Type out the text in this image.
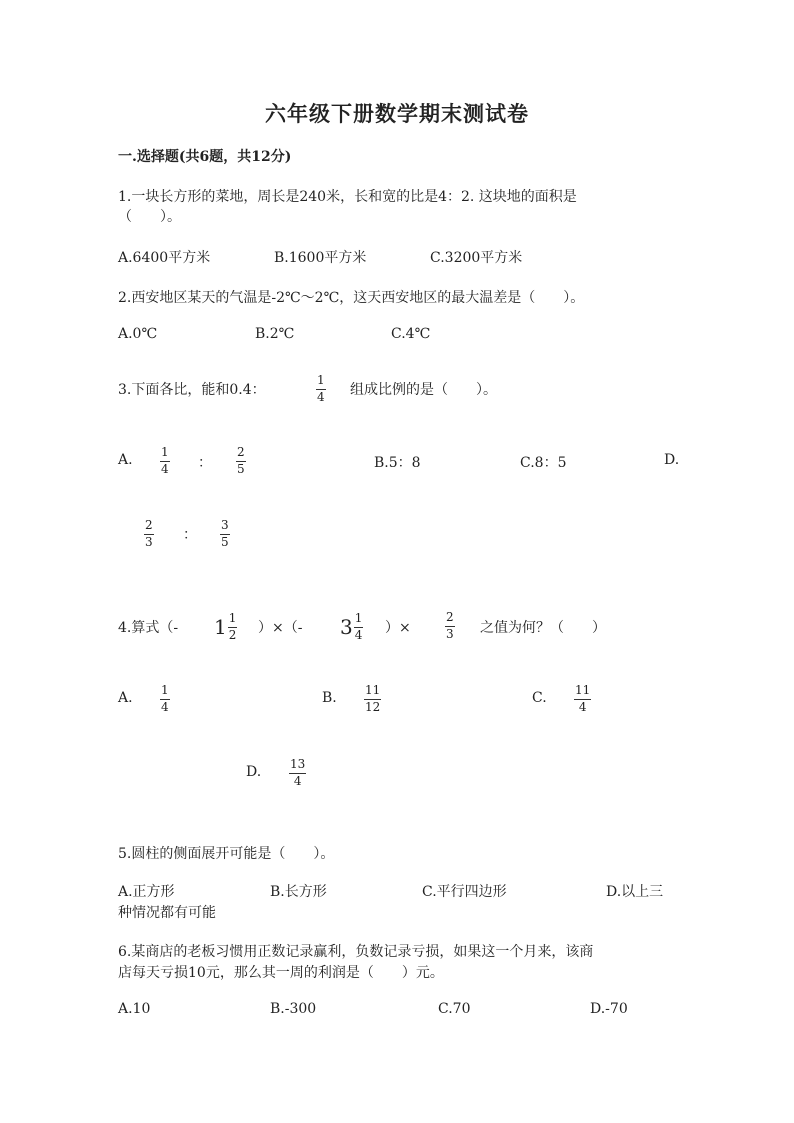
六年级下册数学期末测试卷
一.选择题(共6题，共12分)
1.一块长方形的菜地，周长是240米，长和宽的比是4：2. 这块地的面积是
（　　）。
A.6400平方米	B.1600平方米	C.3200平方米
2.西安地区某天的气温是-2℃～2℃，这天西安地区的最大温差是（　　）。
A.0℃	B.2℃	C.4℃
3.下面各比，能和0.4：
1
4 组成比例的是（　　）。
A. 1
4 ：
2
5	B.5：8	C.8：5	D.
2
3 ：
3
5
4.算式（- $1 \frac{1}{2}$ ）×（- $3 \frac{1}{4}$ ）×
2
3 之值为何？（　　）
A. 1
4
B. 11
12
C. 11
4
D. 13
4
5.圆柱的侧面展开可能是（　　）。
A.正方形	B.长方形	C.平行四边形	D.以上三
种情况都有可能
6.某商店的老板习惯用正数记录赢利，负数记录亏损，如果这一个月来，该商
店每天亏损10元，那么其一周的利润是（　　）元。
A.10	B.-300	C.70	D.-70
